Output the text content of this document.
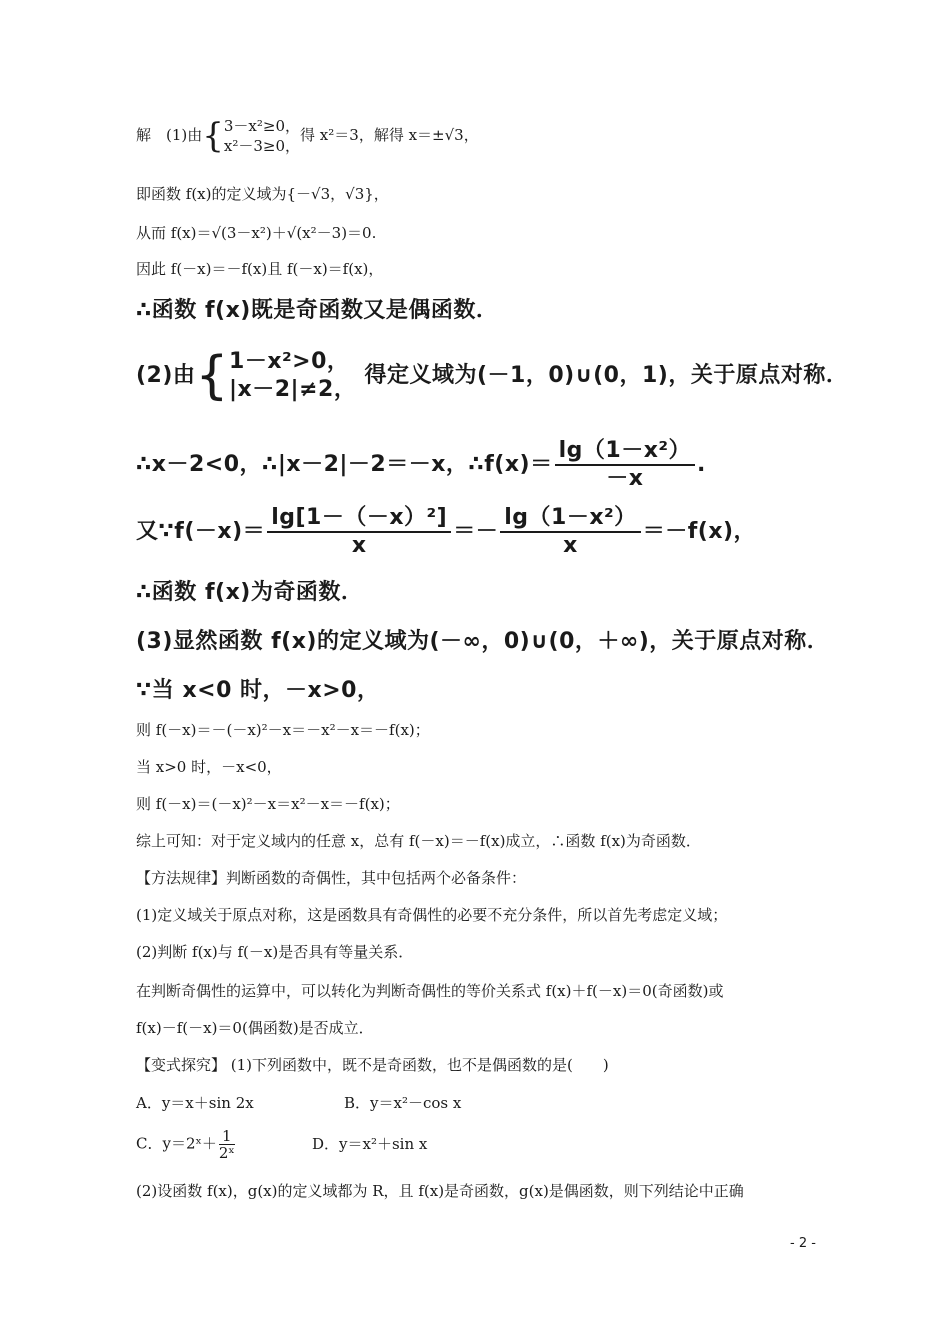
解　(1)由{ 3－x²≥0，
x²－3≥0，
得 x²＝3，解得 x＝±√3，
即函数 f(x)的定义域为{－√3，√3}，
从而 f(x)＝√(3－x²)＋√(x²－3)＝0.
因此 f(－x)＝－f(x)且 f(－x)＝f(x)，
∴函数 f(x)既是奇函数又是偶函数．
(2)由{ 1－x²>0，
|x－2|≠2，
得定义域为(－1，0)∪(0，1)，关于原点对称．
∴x－2<0，∴|x－2|－2＝－x，∴f(x)＝ $\frac{\text{lg（1－x²）}}{-x}$ .
又∵f(－x)＝ $\frac{\text{lg[1－（－x）²]}}{x} =- \frac{\text{lg（1－x²）}}{x} =-f(x)$，
∴函数 f(x)为奇函数．
(3)显然函数 f(x)的定义域为(－∞，0)∪(0，＋∞)，关于原点对称．
∵当 x<0 时，－x>0，
则 f(－x)＝－(－x)²－x＝－x²－x＝－f(x)；
当 x>0 时，－x<0，
则 f(－x)＝(－x)²－x＝x²－x＝－f(x)；
综上可知：对于定义域内的任意 x，总有 f(－x)＝－f(x)成立，∴函数 f(x)为奇函数．
【方法规律】判断函数的奇偶性，其中包括两个必备条件：
(1)定义域关于原点对称，这是函数具有奇偶性的必要不充分条件，所以首先考虑定义域；
(2)判断 f(x)与 f(－x)是否具有等量关系．
在判断奇偶性的运算中，可以转化为判断奇偶性的等价关系式 f(x)＋f(－x)＝0(奇函数)或
f(x)－f(－x)＝0(偶函数)是否成立．
【变式探究】 (1)下列函数中，既不是奇函数，也不是偶函数的是(　　)
A．y＝x＋sin 2x	B．y＝x²－cos x
C．y＝2ˣ＋ $\frac{1}{\text{2ˣ}}$	D．y＝x²＋sin x
(2)设函数 f(x)，g(x)的定义域都为 R，且 f(x)是奇函数，g(x)是偶函数，则下列结论中正确
- 2 -
